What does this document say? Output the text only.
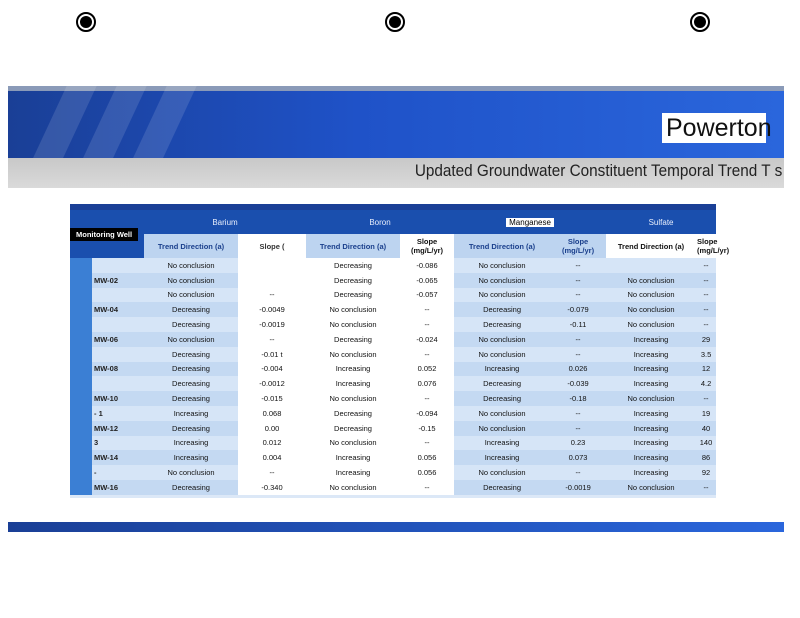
Powerton
Updated Groundwater Constituent Temporal Trend T s
Monitoring Well		Barium		Boron		Manganese		Sulfate	
		Trend Direction (a)	Slope (	Trend Direction (a)	Slope (mg/L/yr)	Trend Direction (a)	Slope (mg/L/yr)	Trend Direction (a)	Slope (mg/L/yr)
		No conclusion		Decreasing	-0.086	No conclusion	--		--
	MW-02	No conclusion		Decreasing	-0.065	No conclusion	--	No conclusion	--
		No conclusion	--	Decreasing	-0.057	No conclusion	--	No conclusion	--
	MW-04	Decreasing	-0.0049	No conclusion	--	Decreasing	-0.079	No conclusion	--
		Decreasing	-0.0019	No conclusion	--	Decreasing	-0.11	No conclusion	--
	MW-06	No conclusion	--	Decreasing	-0.024	No conclusion	--	Increasing	29
		Decreasing	-0.01 t	No conclusion	--	No conclusion	--	Increasing	3.5
	MW-08	Decreasing	-0.004	Increasing	0.052	Increasing	0.026	Increasing	12
		Decreasing	-0.0012	Increasing	0.076	Decreasing	-0.039	Increasing	4.2
	MW-10	Decreasing	-0.015	No conclusion	--	Decreasing	-0.18	No conclusion	--
	- 1	Increasing	0.068	Decreasing	-0.094	No conclusion	--	Increasing	19
	MW-12	Decreasing	0.00	Decreasing	-0.15	No conclusion	--	Increasing	40
	3	Increasing	0.012	No conclusion	--	Increasing	0.23	Increasing	140
	MW-14	Increasing	0.004	Increasing	0.056	Increasing	0.073	Increasing	86
	-	No conclusion	--	Increasing	0.056	No conclusion	--	Increasing	92
	MW-16	Decreasing	-0.340	No conclusion	--	Decreasing	-0.0019	No conclusion	--
